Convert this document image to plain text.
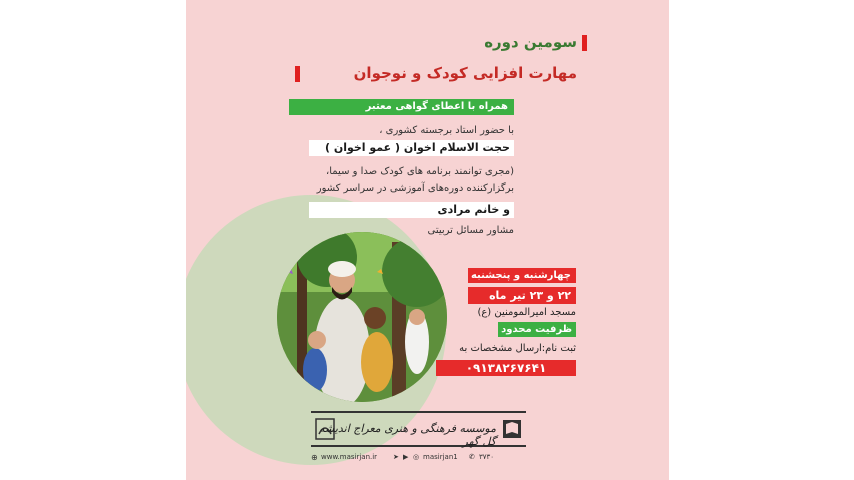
سومین دوره
مهارت افزایی کودک و نوجوان
همراه با اعطای گواهی معتبر
با حضور استاد برجسته کشوری ،
حجت الاسلام اخوان ( عمو اخوان )
(مجری توانمند برنامه های کودک صدا و سیما،
برگزارکننده دوره‌های آموزشی در سراسر کشور
و خانم مرادی
مشاور مسائل تربیتی
چهارشنبه و پنجشنبه
۲۲ و ۲۳ تیر ماه
مسجد امیرالمومنین (ع)
ظرفیت محدود
ثبت نام:ارسال مشخصات به
۰۹۱۳۸۲۶۷۶۴۱
موسسه فرهنگی و هنری معراج اندیشه گل گهر
⊕ www.masirjan.ir ➤ ▶ ◎ masirjan1 ✆ ۳۷۳۰
